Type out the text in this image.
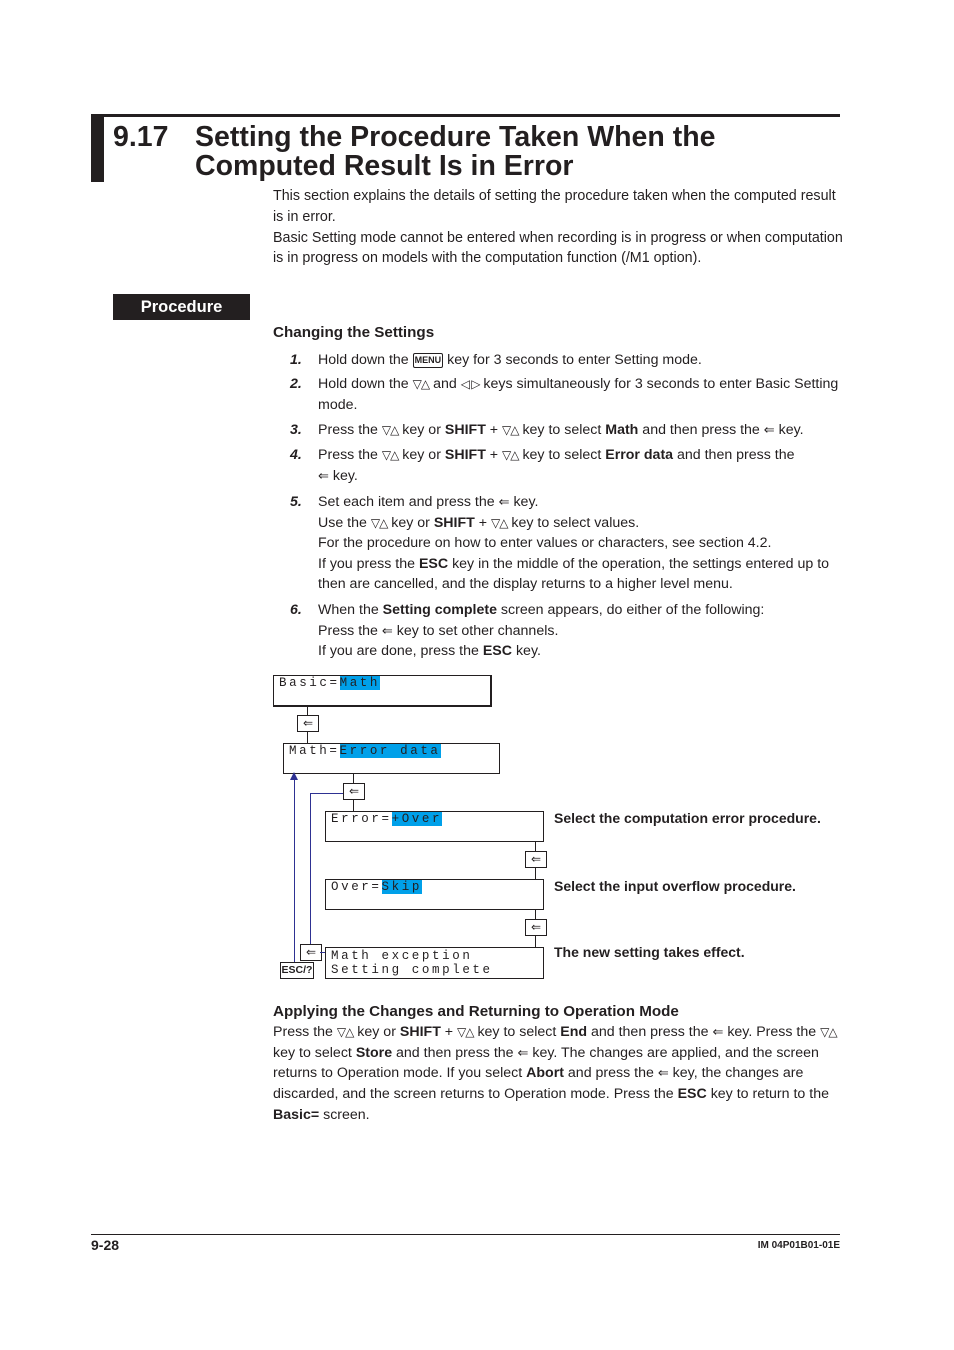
9.17 Setting the Procedure Taken When the
Computed Result Is in Error
This section explains the details of setting the procedure taken when the computed result is in error.
Basic Setting mode cannot be entered when recording is in progress or when computation is in progress on models with the computation function (/M1 option).
Procedure
Changing the Settings
1. Hold down the MENU key for 3 seconds to enter Setting mode.
2. Hold down the ▽△ and ◁ ▷ keys simultaneously for 3 seconds to enter Basic Setting mode.
3. Press the ▽△ key or SHIFT + ▽△ key to select Math and then press the ⇐ key.
4. Press the ▽△ key or SHIFT + ▽△ key to select Error data and then press the
⇐ key.
5. Set each item and press the ⇐ key.
Use the ▽△ key or SHIFT + ▽△ key to select values.
For the procedure on how to enter values or characters, see section 4.2.
If you press the ESC key in the middle of the operation, the settings entered up to then are cancelled, and the display returns to a higher level menu.
6. When the Setting complete screen appears, do either of the following:
Press the ⇐ key to set other channels.
If you are done, press the ESC key.
Basic=Math
⇐
Math=Error data
⇐
Error=+Over
⇐
Over=Skip
⇐
Math exception
Setting complete
⇐
ESC/?
Select the computation error procedure.
Select the input overflow procedure.
The new setting takes effect.
Applying the Changes and Returning to Operation Mode
Press the ▽△ key or SHIFT + ▽△ key to select End and then press the ⇐ key. Press the ▽△ key to select Store and then press the ⇐ key. The changes are applied, and the screen returns to Operation mode. If you select Abort and press the ⇐ key, the changes are discarded, and the screen returns to Operation mode. Press the ESC key to return to the Basic= screen.
9-28	IM 04P01B01-01E
